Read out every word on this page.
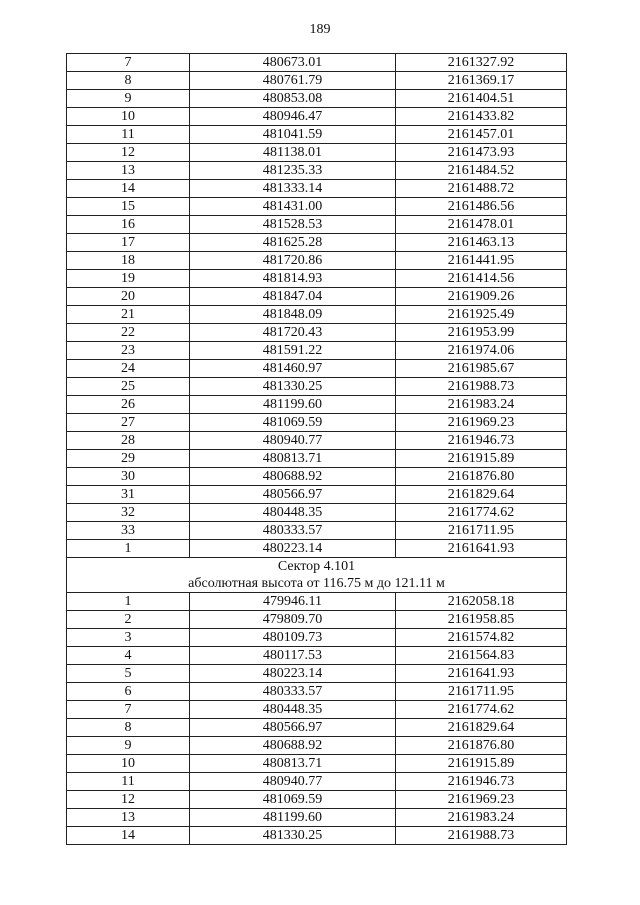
189
7	480673.01	2161327.92
8	480761.79	2161369.17
9	480853.08	2161404.51
10	480946.47	2161433.82
11	481041.59	2161457.01
12	481138.01	2161473.93
13	481235.33	2161484.52
14	481333.14	2161488.72
15	481431.00	2161486.56
16	481528.53	2161478.01
17	481625.28	2161463.13
18	481720.86	2161441.95
19	481814.93	2161414.56
20	481847.04	2161909.26
21	481848.09	2161925.49
22	481720.43	2161953.99
23	481591.22	2161974.06
24	481460.97	2161985.67
25	481330.25	2161988.73
26	481199.60	2161983.24
27	481069.59	2161969.23
28	480940.77	2161946.73
29	480813.71	2161915.89
30	480688.92	2161876.80
31	480566.97	2161829.64
32	480448.35	2161774.62
33	480333.57	2161711.95
1	480223.14	2161641.93

Сектор 4.101
абсолютная высота от 116.75 м до 121.11 м		

1	479946.11	2162058.18
2	479809.70	2161958.85
3	480109.73	2161574.82
4	480117.53	2161564.83
5	480223.14	2161641.93
6	480333.57	2161711.95
7	480448.35	2161774.62
8	480566.97	2161829.64
9	480688.92	2161876.80
10	480813.71	2161915.89
11	480940.77	2161946.73
12	481069.59	2161969.23
13	481199.60	2161983.24
14	481330.25	2161988.73
